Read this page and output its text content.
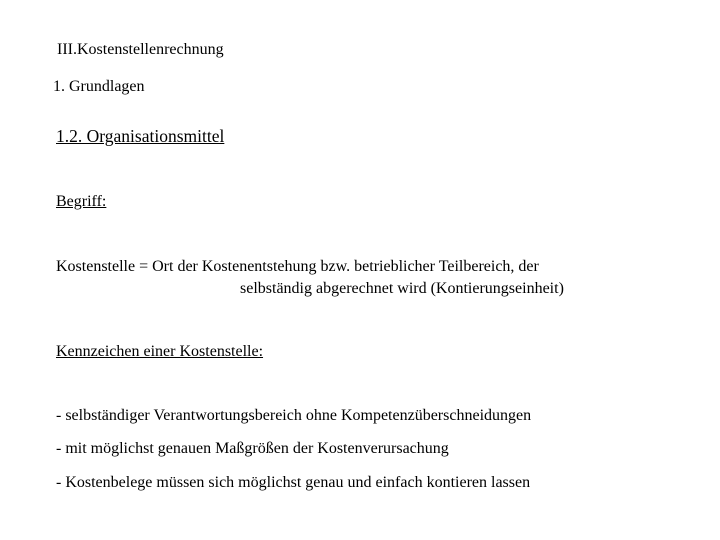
III.Kostenstellenrechnung
1. Grundlagen
1.2. Organisationsmittel
Begriff:
Kostenstelle = Ort der Kostenentstehung bzw. betrieblicher Teilbereich, der
selbständig abgerechnet wird (Kontierungseinheit)
Kennzeichen einer Kostenstelle:
- selbständiger Verantwortungsbereich ohne Kompetenzüberschneidungen
- mit möglichst genauen Maßgrößen der Kostenverursachung
- Kostenbelege müssen sich möglichst genau und einfach kontieren lassen
